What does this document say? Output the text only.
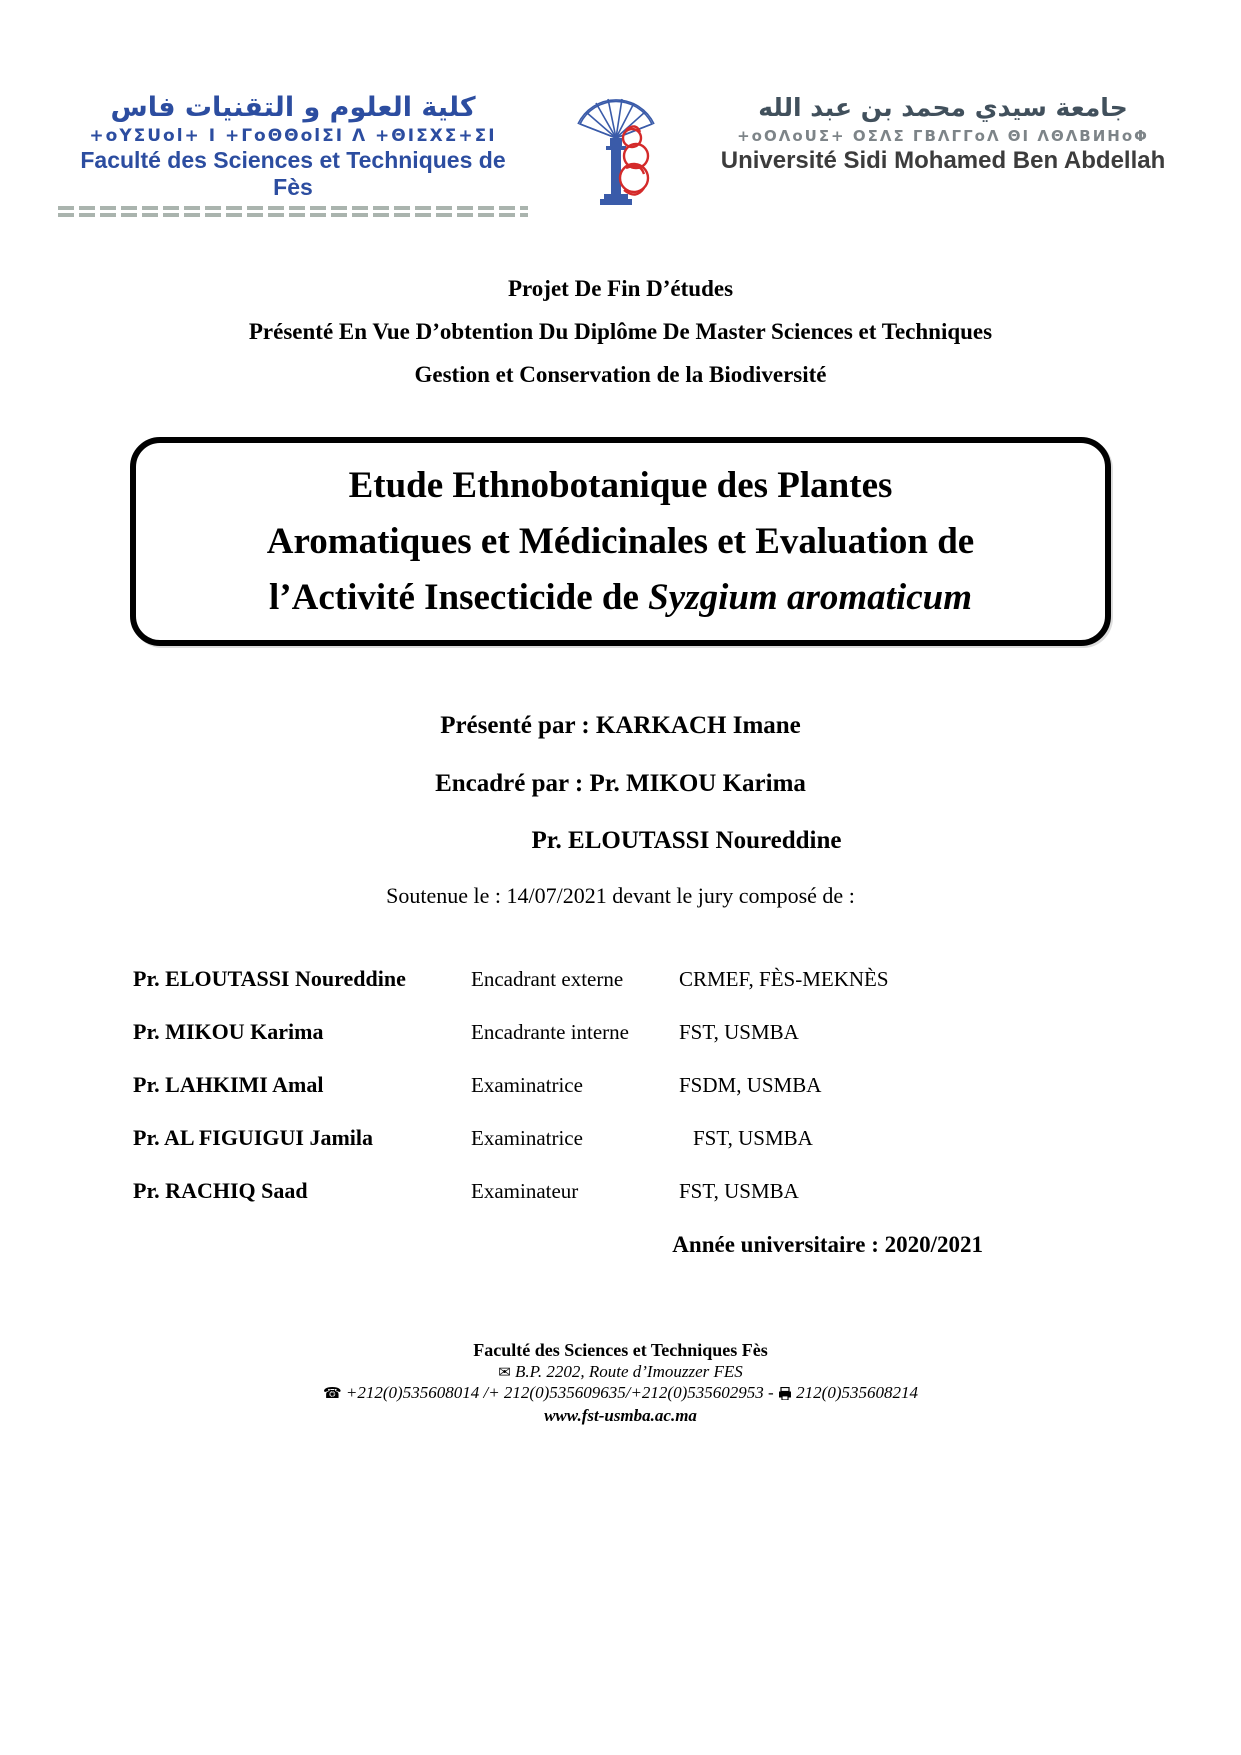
كلية العلوم و التقنيات فاس
+oYΣUol+ I +ΓoΘΘolΣI Λ +ΘΙΣΧΣ+ΣΙ
Faculté des Sciences et Techniques de Fès
جامعة سيدي محمد بن عبد الله
+oOΛoUΣ+ OΣΛΣ ΓΒΛΓΓoΛ ΘΙ ΛΘΛΒИΗoΦ
Université Sidi Mohamed Ben Abdellah
Projet De Fin D’études
Présenté En Vue D’obtention Du Diplôme De Master Sciences et Techniques
Gestion et Conservation de la Biodiversité
Etude Ethnobotanique des Plantes
Aromatiques et Médicinales et Evaluation de
l’Activité Insecticide de Syzgium aromaticum
Présenté par : KARKACH Imane
Encadré par : Pr. MIKOU Karima
Pr. ELOUTASSI Noureddine
Soutenue le : 14/07/2021 devant le jury composé de :
Pr. ELOUTASSI Noureddine	Encadrant externe	CRMEF, FÈS-MEKNÈS
Pr. MIKOU Karima	Encadrante interne	FST, USMBA
Pr. LAHKIMI Amal	Examinatrice	FSDM, USMBA
Pr. AL FIGUIGUI Jamila	Examinatrice	FST, USMBA
Pr. RACHIQ Saad	Examinateur	FST, USMBA
Année universitaire : 2020/2021
Faculté des Sciences et Techniques Fès
✉ B.P. 2202, Route d’Imouzzer FES
☎ +212(0)535608014 /+ 212(0)535609635/+212(0)535602953 -  212(0)535608214
www.fst-usmba.ac.ma
